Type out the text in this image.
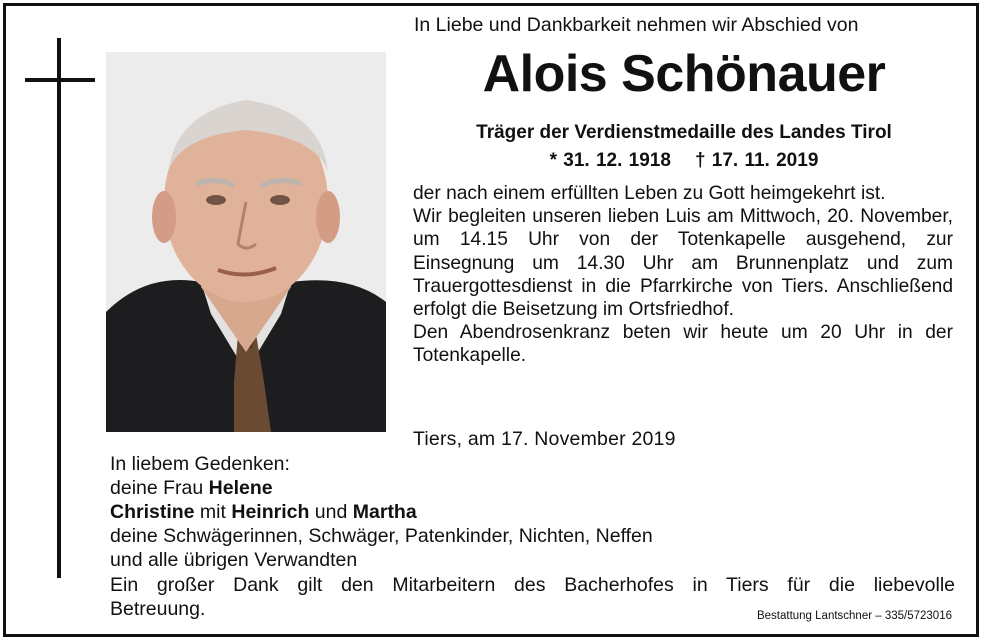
In Liebe und Dankbarkeit nehmen wir Abschied von
Alois Schönauer
Träger der Verdienstmedaille des Landes Tirol
* 31. 12. 1918 † 17. 11. 2019

der nach einem erfüllten Leben zu Gott heimgekehrt ist.

Wir begleiten unseren lieben Luis am Mittwoch, 20. November, um 14.15 Uhr von der Totenkapelle ausgehend, zur Einsegnung um 14.30 Uhr am Brunnenplatz und zum Trauergottesdienst in die Pfarrkirche von Tiers. Anschließend erfolgt die Beisetzung im Ortsfriedhof.

Den Abendrosenkranz beten wir heute um 20 Uhr in der Totenkapelle.

Tiers, am 17. November 2019
In liebem Gedenken:
deine Frau Helene
Christine mit Heinrich und Martha
deine Schwägerinnen, Schwäger, Patenkinder, Nichten, Neffen
und alle übrigen Verwandten
Ein großer Dank gilt den Mitarbeitern des Bacherhofes in Tiers für die liebevolle
Betreuung.	Bestattung Lantschner – 335/5723016
